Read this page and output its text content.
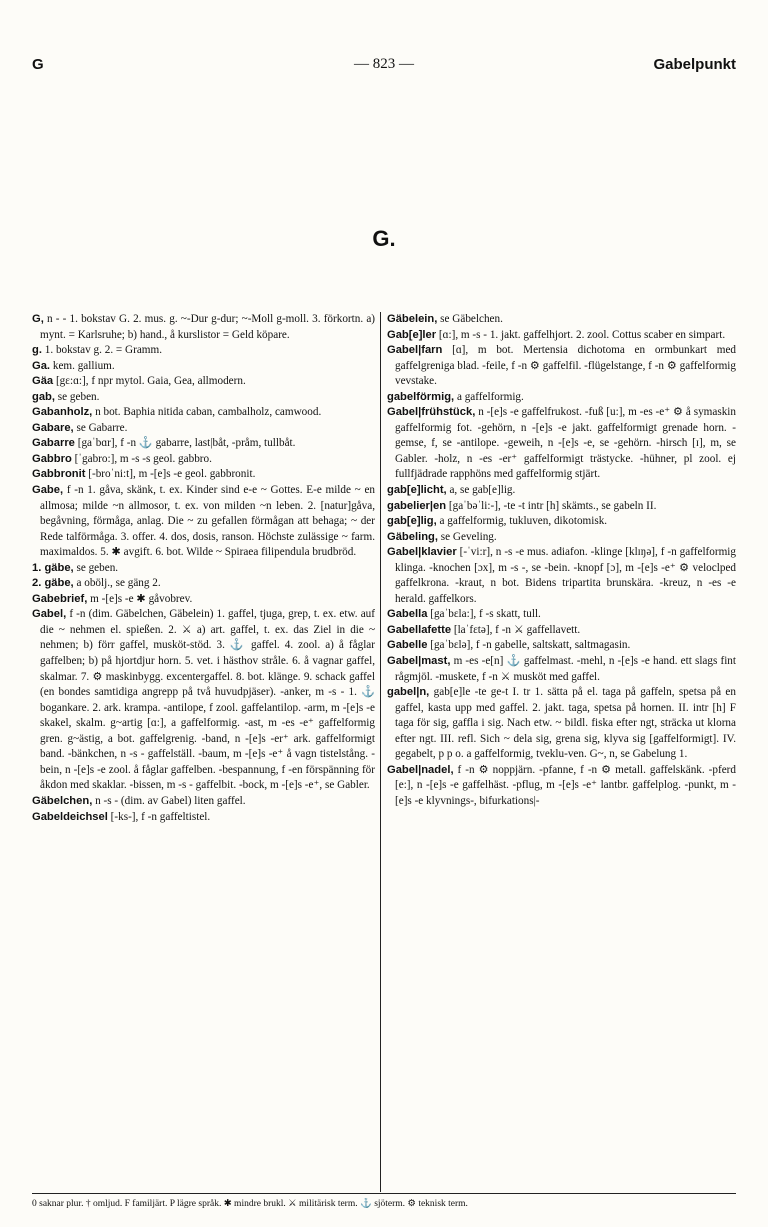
G	— 823 —	Gabelpunkt
G.

G, n - - 1. bokstav G. 2. mus. g. ~-Dur g-dur; ~-Moll g-moll. 3. förkortn. a) mynt. = Karlsruhe; b) hand., å kurslistor = Geld köpare.

g. 1. bokstav g. 2. = Gramm.

Ga. kem. gallium.

Gäa [gɛ:ɑ:], f npr mytol. Gaia, Gea, allmodern.

gab, se geben.

Gabanholz, n bot. Baphia nitida caban, cambalholz, camwood.

Gabare, se Gabarre.

Gabarre [gaˈbɑr], f -n ⚓ gabarre, last|båt, -pråm, tullbåt.

Gabbro [ˈgabro:], m -s -s geol. gabbro.

Gabbronit [-broˈni:t], m -[e]s -e geol. gabbronit.

Gabe, f -n 1. gåva, skänk, t. ex. Kinder sind e-e ~ Gottes. E-e milde ~ en allmosa; milde ~n allmosor, t. ex. von milden ~n leben. 2. [natur]gåva, begåvning, förmåga, anlag. Die ~ zu gefallen förmågan att behaga; ~ der Rede talförmåga. 3. offer. 4. dos, dosis, ranson. Höchste zulässige ~ farm. maximaldos. 5. ✱ avgift. 6. bot. Wilde ~ Spiraea filipendula brudbröd.

1. gäbe, se geben.

2. gäbe, a obölj., se gäng 2.

Gabebrief, m -[e]s -e ✱ gåvobrev.

Gabel, f -n (dim. Gäbelchen, Gäbelein) 1. gaffel, tjuga, grep, t. ex. etw. auf die ~ nehmen el. spießen. 2. ⚔ a) art. gaffel, t. ex. das Ziel in die ~ nehmen; b) förr gaffel, musköt-stöd. 3. ⚓ gaffel. 4. zool. a) å fåglar gaffelben; b) på hjortdjur horn. 5. vet. i hästhov stråle. 6. å vagnar gaffel, skalmar. 7. ⚙ maskinbygg. excentergaffel. 8. bot. klänge. 9. schack gaffel (en bondes samtidiga angrepp på två huvudpjäser). -anker, m -s - 1. ⚓ bogankare. 2. ark. krampa. -antilope, f zool. gaffelantilop. -arm, m -[e]s -e skakel, skalm. g~artig [ɑ:], a gaffelformig. -ast, m -es -e⁺ gaffelformig gren. g~ästig, a bot. gaffelgrenig. -band, n -[e]s -er⁺ ark. gaffelformigt band. -bänkchen, n -s - gaffelställ. -baum, m -[e]s -e⁺ å vagn tistelstång. -bein, n -[e]s -e zool. å fåglar gaffelben. -bespannung, f -en förspänning för åkdon med skaklar. -bissen, m -s - gaffelbit. -bock, m -[e]s -e⁺, se Gabler.

Gäbelchen, n -s - (dim. av Gabel) liten gaffel.

Gabeldeichsel [-ks-], f -n gaffeltistel.

Gäbelein, se Gäbelchen.

Gab[e]ler [ɑ:], m -s - 1. jakt. gaffelhjort. 2. zool. Cottus scaber en simpart.

Gabel|farn [ɑ], m bot. Mertensia dichotoma en ormbunkart med gaffelgreniga blad. -feile, f -n ⚙ gaffelfil. -flügelstange, f -n ⚙ gaffelformig vevstake.

gabelförmig, a gaffelformig.

Gabel|frühstück, n -[e]s -e gaffelfrukost. -fuß [u:], m -es -e⁺ ⚙ å symaskin gaffelformig fot. -gehörn, n -[e]s -e jakt. gaffelformigt grenade horn. -gemse, f, se -antilope. -geweih, n -[e]s -e, se -gehörn. -hirsch [ɪ], m, se Gabler. -holz, n -es -er⁺ gaffelformigt trästycke. -hühner, pl zool. ej fullfjädrade rapphöns med gaffelformig stjärt.

gab[e]licht, a, se gab[e]lig.

gabelier|en [gaˈbəˈli:-], -te -t intr [h] skämts., se gabeln II.

gab[e]lig, a gaffelformig, tukluven, dikotomisk.

Gäbeling, se Geveling.

Gabel|klavier [-ˈvi:r], n -s -e mus. adiafon. -klinge [klɪŋə], f -n gaffelformig klinga. -knochen [ɔx], m -s -, se -bein. -knopf [ɔ], m -[e]s -e⁺ ⚙ veloclped gaffelkrona. -kraut, n bot. Bidens tripartita brunskära. -kreuz, n -es -e herald. gaffelkors.

Gabella [gaˈbɛla:], f -s skatt, tull.

Gabellafette [laˈfɛtə], f -n ⚔ gaffellavett.

Gabelle [gaˈbɛlə], f -n gabelle, saltskatt, saltmagasin.

Gabel|mast, m -es -e[n] ⚓ gaffelmast. -mehl, n -[e]s -e hand. ett slags fint rågmjöl. -muskete, f -n ⚔ musköt med gaffel.

gabel|n, gab[e]le -te ge-t I. tr 1. sätta på el. taga på gaffeln, spetsa på en gaffel, kasta upp med gaffel. 2. jakt. taga, spetsa på hornen. II. intr [h] F taga för sig, gaffla i sig. Nach etw. ~ bildl. fiska efter ngt, sträcka ut klorna efter ngt. III. refl. Sich ~ dela sig, grena sig, klyva sig [gaffelformigt]. IV. gegabelt, p p o. a gaffelformig, tveklu-ven. G~, n, se Gabelung 1.

Gabel|nadel, f -n ⚙ noppjärn. -pfanne, f -n ⚙ metall. gaffelskänk. -pferd [e:], n -[e]s -e gaffelhäst. -pflug, m -[e]s -e⁺ lantbr. gaffelplog. -punkt, m -[e]s -e klyvnings-, bifurkations|-

0 saknar plur. † omljud. F familjärt. P lägre språk. ✱ mindre brukl. ⚔ militärisk term. ⚓ sjöterm. ⚙ teknisk term.
